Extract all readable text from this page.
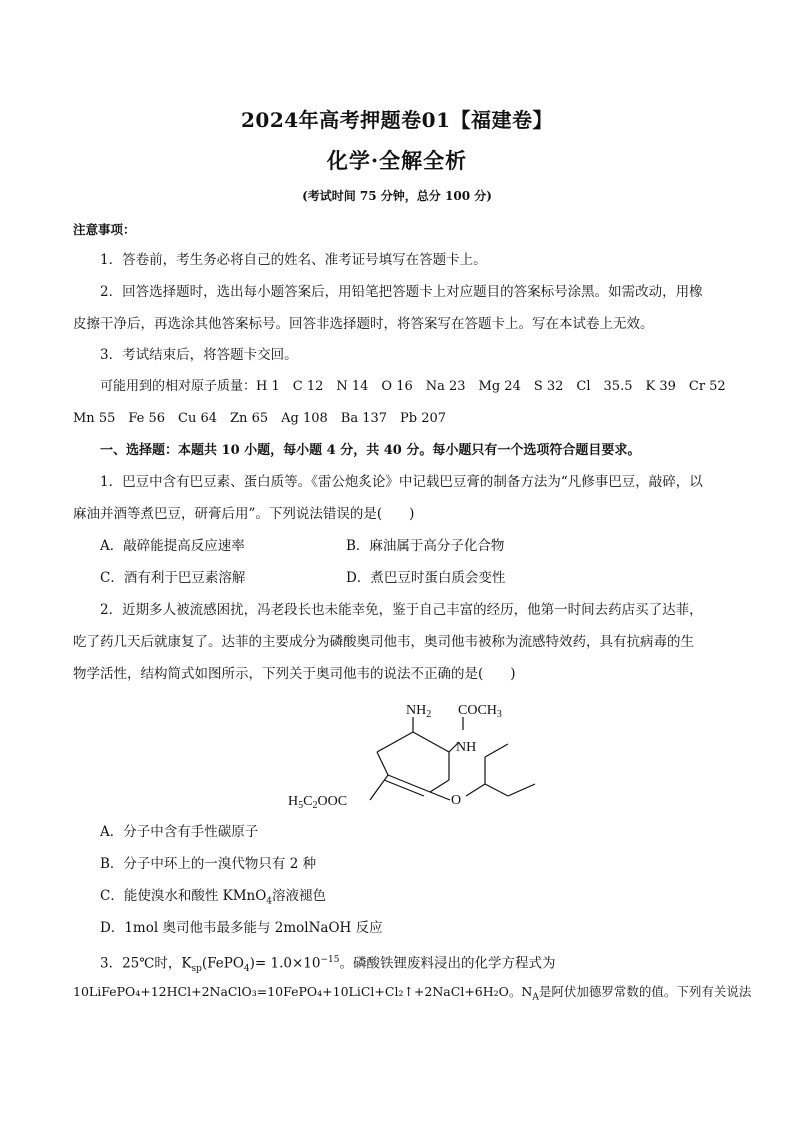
2024年高考押题卷01【福建卷】
化学·全解全析
(考试时间 75 分钟，总分 100 分)
注意事项：
1．答卷前，考生务必将自己的姓名、准考证号填写在答题卡上。
2．回答选择题时，选出每小题答案后，用铅笔把答题卡上对应题目的答案标号涂黑。如需改动，用橡
皮擦干净后，再选涂其他答案标号。回答非选择题时，将答案写在答题卡上。写在本试卷上无效。
3．考试结束后，将答题卡交回。
可能用到的相对原子质量：H 1　C 12　N 14　O 16　Na 23　Mg 24　S 32　Cl　35.5　K 39　Cr 52
Mn 55　Fe 56　Cu 64　Zn 65　Ag 108　Ba 137　Pb 207
一、选择题：本题共 10 小题，每小题 4 分，共 40 分。每小题只有一个选项符合题目要求。
1．巴豆中含有巴豆素、蛋白质等。《雷公炮炙论》中记载巴豆膏的制备方法为“凡修事巴豆，敲碎，以
麻油并酒等煮巴豆，研膏后用”。下列说法错误的是(　　)
A．敲碎能提高反应速率	B．麻油属于高分子化合物
C．酒有利于巴豆素溶解	D．煮巴豆时蛋白质会变性
2．近期多人被流感困扰，冯老段长也未能幸免，鉴于自己丰富的经历，他第一时间去药店买了达菲，
吃了药几天后就康复了。达菲的主要成分为磷酸奥司他韦，奥司他韦被称为流感特效药，具有抗病毒的生
物学活性，结构简式如图所示，下列关于奥司他韦的说法不正确的是(　　)
$NH_2$ $COCH_3$
NH
O
$H_5C_2OOC$
A．分子中含有手性碳原子
B．分子中环上的一溴代物只有 2 种
C．能使溴水和酸性 KMnO$_4$溶液褪色
D．1mol 奥司他韦最多能与 2molNaOH 反应
3．25℃时，$K_{sp}(FePO_4)= 1.0\times 10^{-15}$。磷酸铁锂废料浸出的化学方程式为
10LiFePO₄+12HCl+2NaClO₃=10FePO₄+10LiCl+Cl₂↑+2NaCl+6H₂O。$N_A$是阿伏加德罗常数的值。下列有关说法
